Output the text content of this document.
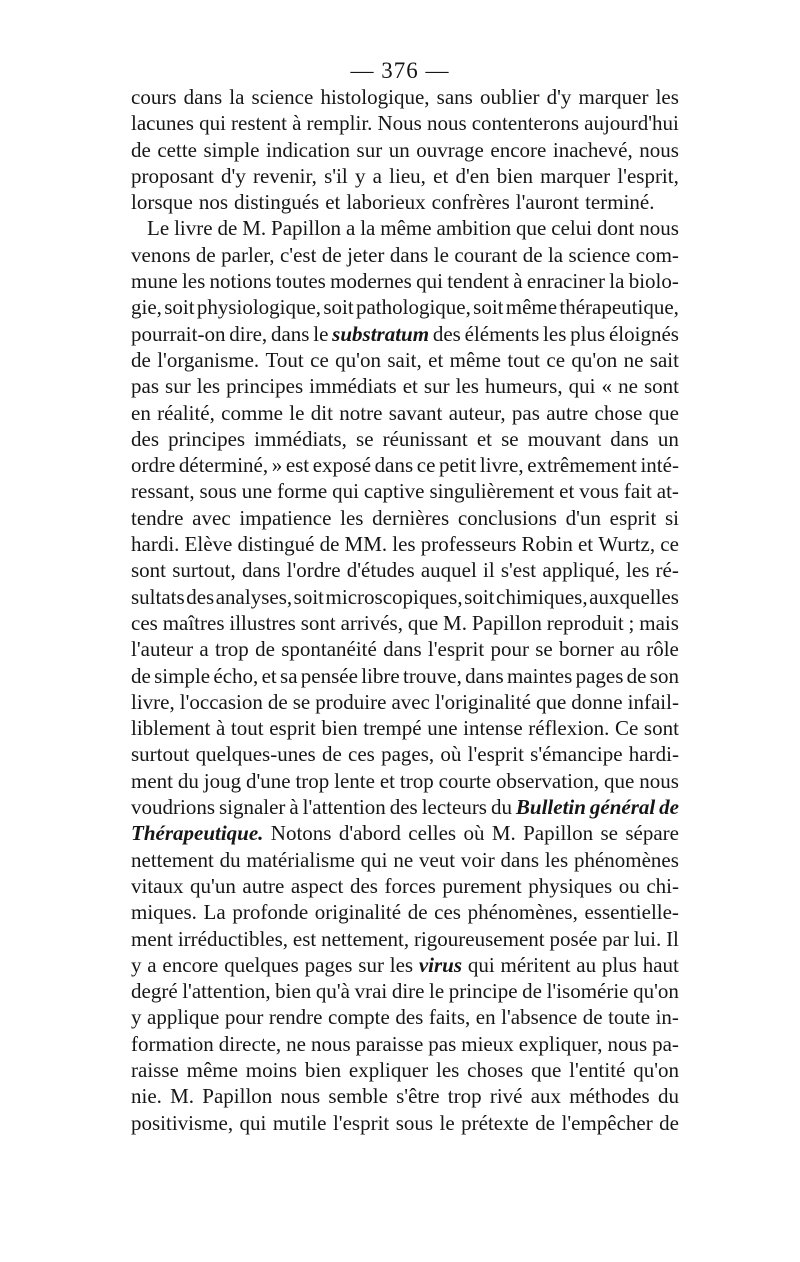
— 376 —
cours dans la science histologique, sans oublier d'y marquer les
lacunes qui restent à remplir. Nous nous contenterons aujourd'hui
de cette simple indication sur un ouvrage encore inachevé, nous
proposant d'y revenir, s'il y a lieu, et d'en bien marquer l'esprit,
lorsque nos distingués et laborieux confrères l'auront terminé.
Le livre de M. Papillon a la même ambition que celui dont nous
venons de parler, c'est de jeter dans le courant de la science com-
mune les notions toutes modernes qui tendent à enraciner la biolo-
gie, soit physiologique, soit pathologique, soit même thérapeutique,
pourrait-on dire, dans le substratum des éléments les plus éloignés
de l'organisme. Tout ce qu'on sait, et même tout ce qu'on ne sait
pas sur les principes immédiats et sur les humeurs, qui « ne sont
en réalité, comme le dit notre savant auteur, pas autre chose que
des principes immédiats, se réunissant et se mouvant dans un
ordre déterminé, » est exposé dans ce petit livre, extrêmement inté-
ressant, sous une forme qui captive singulièrement et vous fait at-
tendre avec impatience les dernières conclusions d'un esprit si
hardi. Elève distingué de MM. les professeurs Robin et Wurtz, ce
sont surtout, dans l'ordre d'études auquel il s'est appliqué, les ré-
sultats des analyses, soit microscopiques, soit chimiques, auxquelles
ces maîtres illustres sont arrivés, que M. Papillon reproduit ; mais
l'auteur a trop de spontanéité dans l'esprit pour se borner au rôle
de simple écho, et sa pensée libre trouve, dans maintes pages de son
livre, l'occasion de se produire avec l'originalité que donne infail-
liblement à tout esprit bien trempé une intense réflexion. Ce sont
surtout quelques-unes de ces pages, où l'esprit s'émancipe hardi-
ment du joug d'une trop lente et trop courte observation, que nous
voudrions signaler à l'attention des lecteurs du Bulletin général de
Thérapeutique. Notons d'abord celles où M. Papillon se sépare
nettement du matérialisme qui ne veut voir dans les phénomènes
vitaux qu'un autre aspect des forces purement physiques ou chi-
miques. La profonde originalité de ces phénomènes, essentielle-
ment irréductibles, est nettement, rigoureusement posée par lui. Il
y a encore quelques pages sur les virus qui méritent au plus haut
degré l'attention, bien qu'à vrai dire le principe de l'isomérie qu'on
y applique pour rendre compte des faits, en l'absence de toute in-
formation directe, ne nous paraisse pas mieux expliquer, nous pa-
raisse même moins bien expliquer les choses que l'entité qu'on
nie. M. Papillon nous semble s'être trop rivé aux méthodes du
positivisme, qui mutile l'esprit sous le prétexte de l'empêcher de
